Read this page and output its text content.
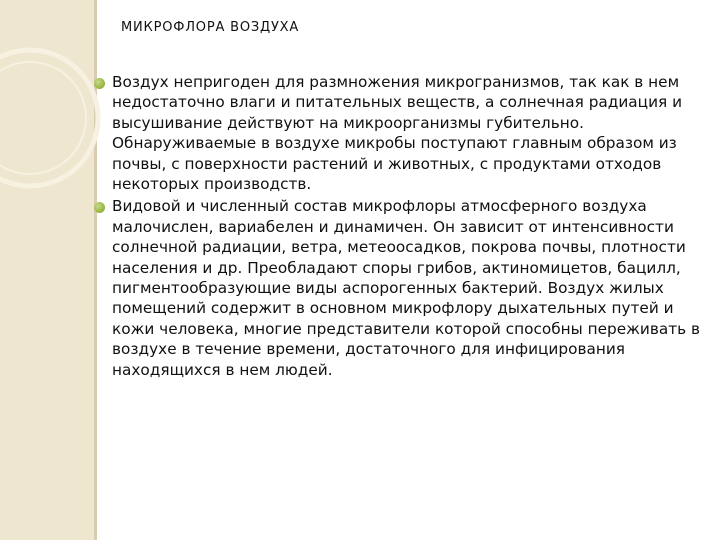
МИКРОФЛОРА ВОЗДУХА
Воздух непригоден для размножения микрогранизмов, так как в нем недостаточно влаги и питательных веществ, а солнечная радиация и высушивание действуют на микроорганизмы губительно. Обнаруживаемые в воздухе микробы поступают главным образом из почвы, с поверхности растений и животных, с продуктами отходов некоторых производств.
Видовой и численный состав микрофлоры атмосферного воздуха малочислен, вариабелен и динамичен. Он зависит от интенсивности солнечной радиации, ветра, метеоосадков, покрова почвы, плотности населения и др. Преобладают споры грибов, актиномицетов, бацилл, пигментообразующие виды аспорогенных бактерий. Воздух жилых помещений содержит в основном микрофлору дыхательных путей и кожи человека, многие представители которой способны переживать в воздухе в течение времени, достаточного для инфицирования находящихся в нем людей.
